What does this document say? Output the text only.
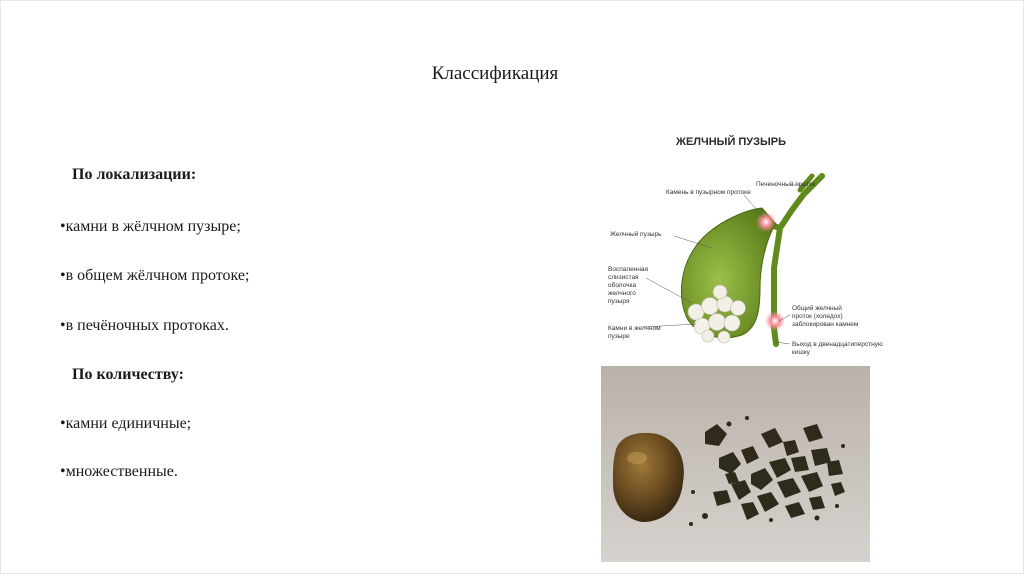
Классификация
По локализации:
•камни в жёлчном пузыре;
•в общем жёлчном протоке;
•в печёночных протоках.
По количеству:
•камни единичные;
•множественные.
ЖЕЛЧНЫЙ ПУЗЫРЬ
Печеночный проток
Камень в пузырном протоке
Желчный пузырь
Воспаленная
слизистая
оболочка
желчного
пузыря
Камни в желчном
пузыре
Общий желчный
проток (холедох)
заблокирован камнем
Выход в двенадцатиперстную
кишку
